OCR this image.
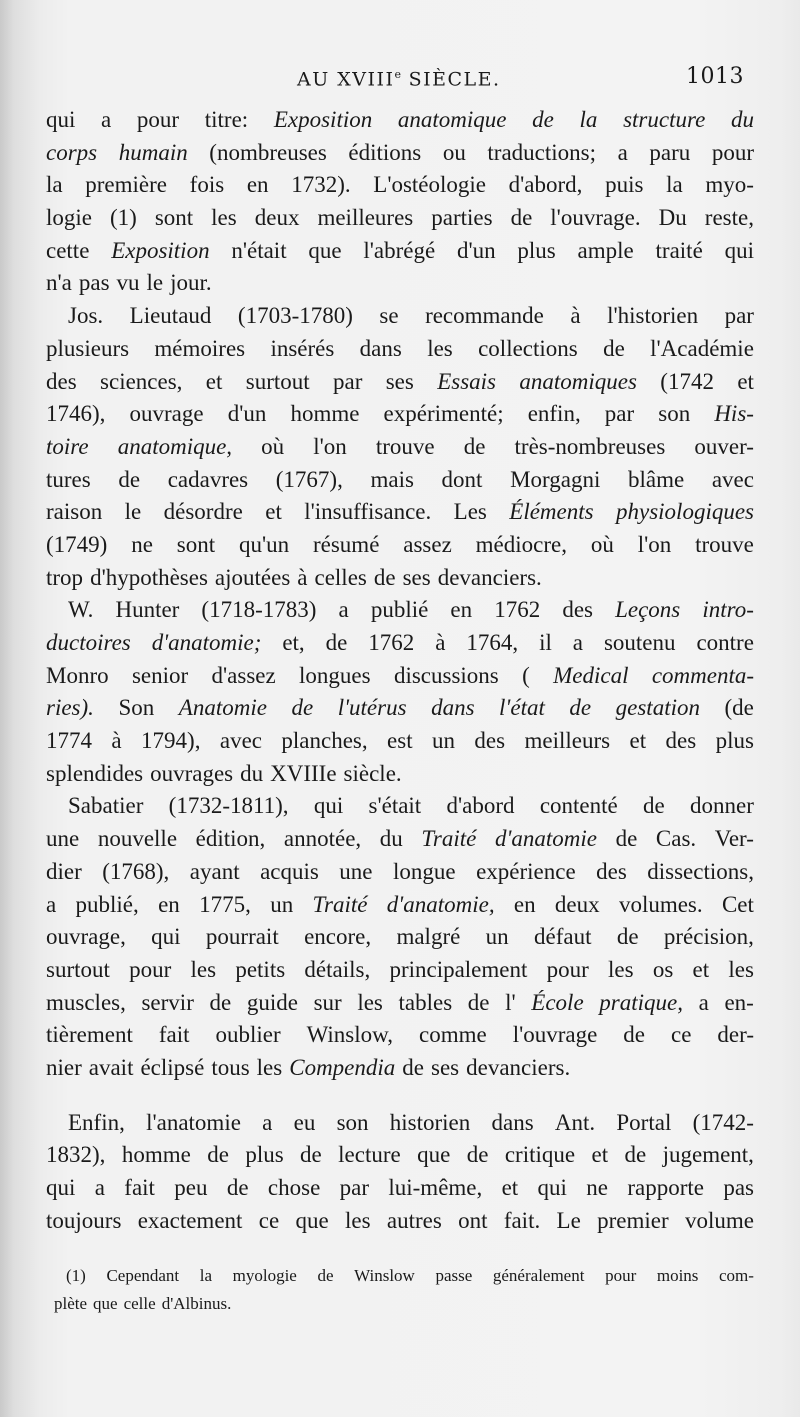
AU XVIIIe SIÈCLE.	1013
qui a pour titre: Exposition anatomique de la structure du
corps humain (nombreuses éditions ou traductions; a paru pour
la première fois en 1732). L'ostéologie d'abord, puis la myo-
logie (1) sont les deux meilleures parties de l'ouvrage. Du reste,
cette Exposition n'était que l'abrégé d'un plus ample traité qui
n'a pas vu le jour.
Jos. Lieutaud (1703-1780) se recommande à l'historien par
plusieurs mémoires insérés dans les collections de l'Académie
des sciences, et surtout par ses Essais anatomiques (1742 et
1746), ouvrage d'un homme expérimenté; enfin, par son His-
toire anatomique, où l'on trouve de très-nombreuses ouver-
tures de cadavres (1767), mais dont Morgagni blâme avec
raison le désordre et l'insuffisance. Les Éléments physiologiques
(1749) ne sont qu'un résumé assez médiocre, où l'on trouve
trop d'hypothèses ajoutées à celles de ses devanciers.
W. Hunter (1718-1783) a publié en 1762 des Leçons intro-
ductoires d'anatomie; et, de 1762 à 1764, il a soutenu contre
Monro senior d'assez longues discussions ( Medical commenta-
ries). Son Anatomie de l'utérus dans l'état de gestation (de
1774 à 1794), avec planches, est un des meilleurs et des plus
splendides ouvrages du XVIIIe siècle.
Sabatier (1732-1811), qui s'était d'abord contenté de donner
une nouvelle édition, annotée, du Traité d'anatomie de Cas. Ver-
dier (1768), ayant acquis une longue expérience des dissections,
a publié, en 1775, un Traité d'anatomie, en deux volumes. Cet
ouvrage, qui pourrait encore, malgré un défaut de précision,
surtout pour les petits détails, principalement pour les os et les
muscles, servir de guide sur les tables de l' École pratique, a en-
tièrement fait oublier Winslow, comme l'ouvrage de ce der-
nier avait éclipsé tous les Compendia de ses devanciers.
Enfin, l'anatomie a eu son historien dans Ant. Portal (1742-
1832), homme de plus de lecture que de critique et de jugement,
qui a fait peu de chose par lui-même, et qui ne rapporte pas
toujours exactement ce que les autres ont fait. Le premier volume
(1) Cependant la myologie de Winslow passe généralement pour moins com-
plète que celle d'Albinus.
